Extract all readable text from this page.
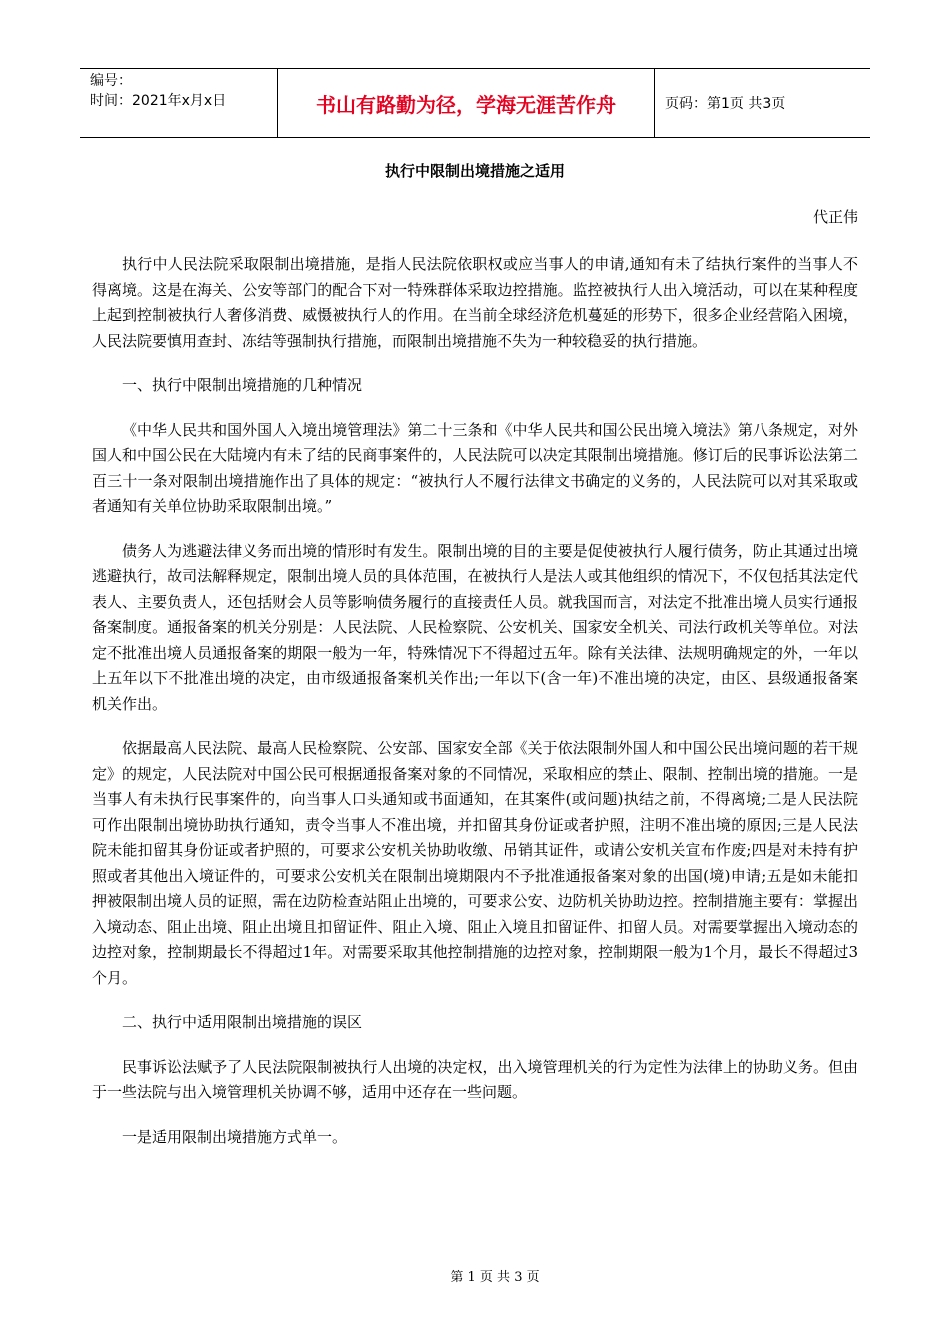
编号：
时间：2021年x月x日	书山有路勤为径，学海无涯苦作舟	页码：第1页 共3页
执行中限制出境措施之适用
代正伟

执行中人民法院采取限制出境措施，是指人民法院依职权或应当事人的申请,通知有未了结执行案件的当事人不得离境。这是在海关、公安等部门的配合下对一特殊群体采取边控措施。监控被执行人出入境活动，可以在某种程度上起到控制被执行人奢侈消费、威慑被执行人的作用。在当前全球经济危机蔓延的形势下，很多企业经营陷入困境，人民法院要慎用查封、冻结等强制执行措施，而限制出境措施不失为一种较稳妥的执行措施。

一、执行中限制出境措施的几种情况

《中华人民共和国外国人入境出境管理法》第二十三条和《中华人民共和国公民出境入境法》第八条规定，对外国人和中国公民在大陆境内有未了结的民商事案件的，人民法院可以决定其限制出境措施。修订后的民事诉讼法第二百三十一条对限制出境措施作出了具体的规定：“被执行人不履行法律文书确定的义务的，人民法院可以对其采取或者通知有关单位协助采取限制出境。”

债务人为逃避法律义务而出境的情形时有发生。限制出境的目的主要是促使被执行人履行债务，防止其通过出境逃避执行，故司法解释规定，限制出境人员的具体范围，在被执行人是法人或其他组织的情况下，不仅包括其法定代表人、主要负责人，还包括财会人员等影响债务履行的直接责任人员。就我国而言，对法定不批准出境人员实行通报备案制度。通报备案的机关分别是：人民法院、人民检察院、公安机关、国家安全机关、司法行政机关等单位。对法定不批准出境人员通报备案的期限一般为一年，特殊情况下不得超过五年。除有关法律、法规明确规定的外，一年以上五年以下不批准出境的决定，由市级通报备案机关作出;一年以下(含一年)不准出境的决定，由区、县级通报备案机关作出。

依据最高人民法院、最高人民检察院、公安部、国家安全部《关于依法限制外国人和中国公民出境问题的若干规定》的规定，人民法院对中国公民可根据通报备案对象的不同情况，采取相应的禁止、限制、控制出境的措施。一是当事人有未执行民事案件的，向当事人口头通知或书面通知，在其案件(或问题)执结之前，不得离境;二是人民法院可作出限制出境协助执行通知，责令当事人不准出境，并扣留其身份证或者护照，注明不准出境的原因;三是人民法院未能扣留其身份证或者护照的，可要求公安机关协助收缴、吊销其证件，或请公安机关宣布作废;四是对未持有护照或者其他出入境证件的，可要求公安机关在限制出境期限内不予批准通报备案对象的出国(境)申请;五是如未能扣押被限制出境人员的证照，需在边防检查站阻止出境的，可要求公安、边防机关协助边控。控制措施主要有：掌握出入境动态、阻止出境、阻止出境且扣留证件、阻止入境、阻止入境且扣留证件、扣留人员。对需要掌握出入境动态的边控对象，控制期最长不得超过1年。对需要采取其他控制措施的边控对象，控制期限一般为1个月，最长不得超过3个月。

二、执行中适用限制出境措施的误区

民事诉讼法赋予了人民法院限制被执行人出境的决定权，出入境管理机关的行为定性为法律上的协助义务。但由于一些法院与出入境管理机关协调不够，适用中还存在一些问题。

一是适用限制出境措施方式单一。

第 1 页 共 3 页
